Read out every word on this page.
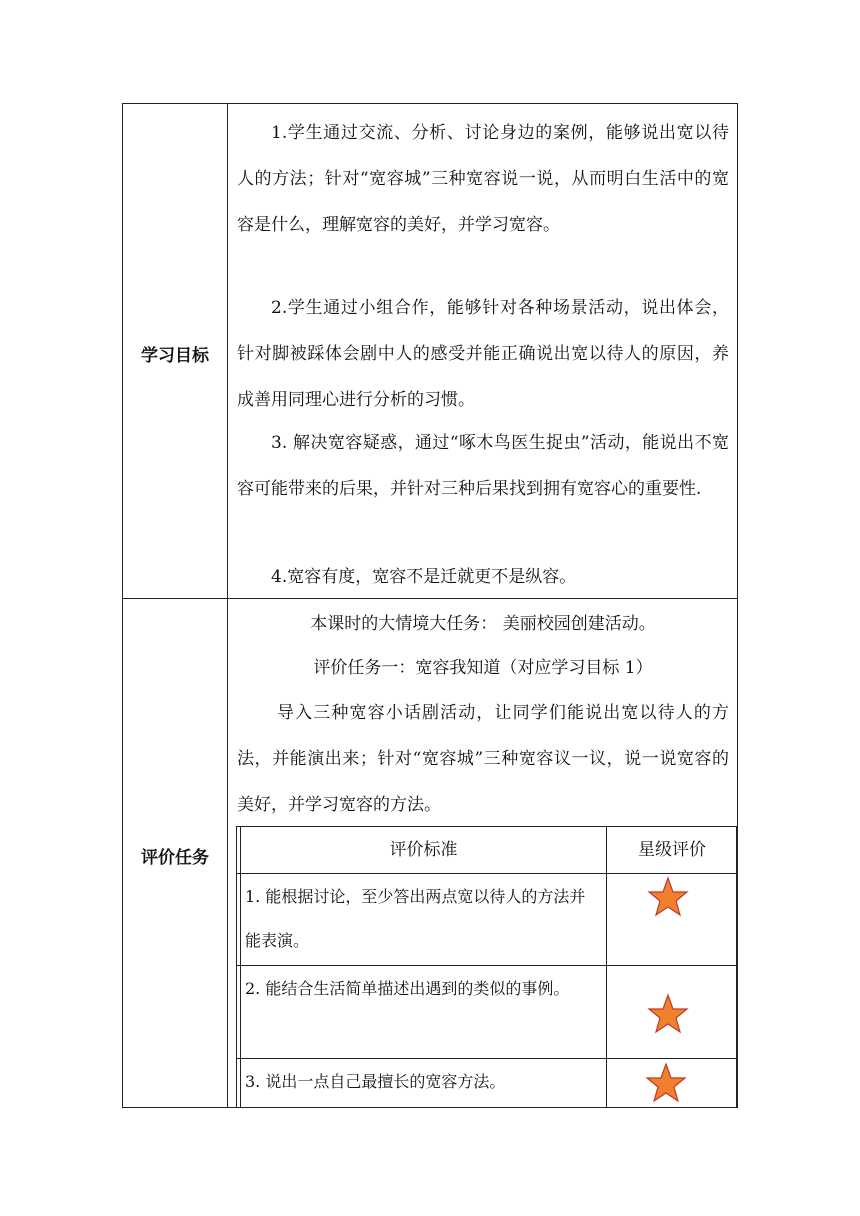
学习目标

1.学生通过交流、分析、讨论身边的案例，能够说出宽以待人的方法；针对“宽容城”三种宽容说一说，从而明白生活中的宽容是什么，理解宽容的美好，并学习宽容。

2.学生通过小组合作，能够针对各种场景活动，说出体会，针对脚被踩体会剧中人的感受并能正确说出宽以待人的原因，养成善用同理心进行分析的习惯。

3. 解决宽容疑惑，通过“啄木鸟医生捉虫”活动，能说出不宽容可能带来的后果，并针对三种后果找到拥有宽容心的重要性.

4.宽容有度，宽容不是迁就更不是纵容。

评价任务
本课时的大情境大任务： 美丽校园创建活动。
评价任务一：宽容我知道（对应学习目标 1）

导入三种宽容小话剧活动，让同学们能说出宽以待人的方法，并能演出来；针对“宽容城”三种宽容议一议，说一说宽容的美好，并学习宽容的方法。

评价标准	星级评价
1. 能根据讨论，至少答出两点宽以待人的方法并能表演。
2. 能结合生活简单描述出遇到的类似的事例。
3. 说出一点自己最擅长的宽容方法。
